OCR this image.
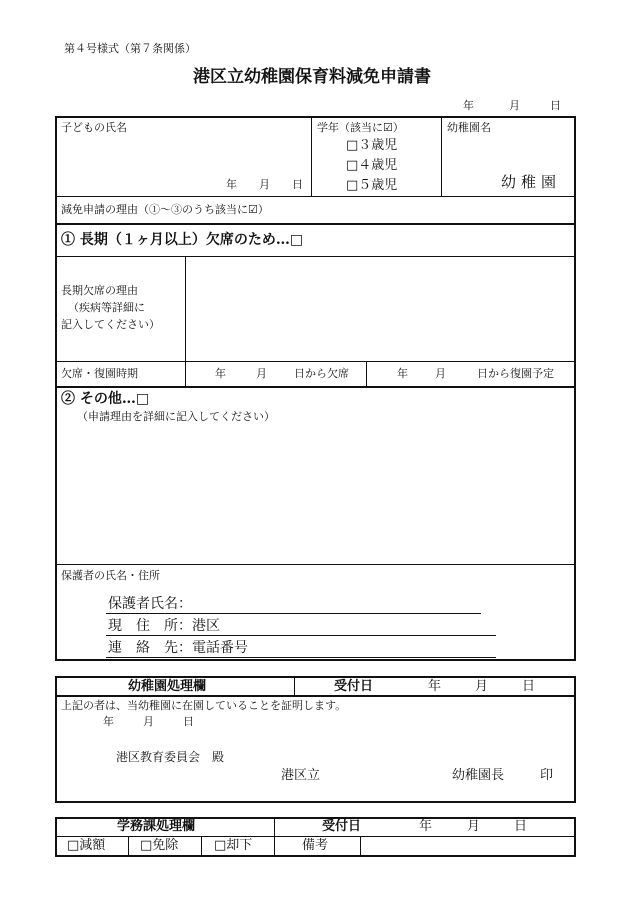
第４号様式（第７条関係）
港区立幼稚園保育料減免申請書
年	月	日
子どもの氏名
年 月 日
学年（該当に☑）
□３歳児
□４歳児
□５歳児
幼稚園名
幼稚園
減免申請の理由（①～③のうち該当に☑）
① 長期（１ヶ月以上）欠席のため…□
長期欠席の理由
（疾病等詳細に
記入してください）
欠席・復園時期	年	月 日から欠席	年 月	日から復園予定
② その他…□
（申請理由を詳細に記入してください）
保護者の氏名・住所
保護者氏名：
現　住　所：港区
連　絡　先：電話番号
幼稚園処理欄	受付日	年	月	日
上記の者は、当幼稚園に在園していることを証明します。
年	月	日
港区教育委員会　殿
港区立	幼稚園長	印
学務課処理欄	受付日	年	月	日
□減額	□免除	□却下	備考
